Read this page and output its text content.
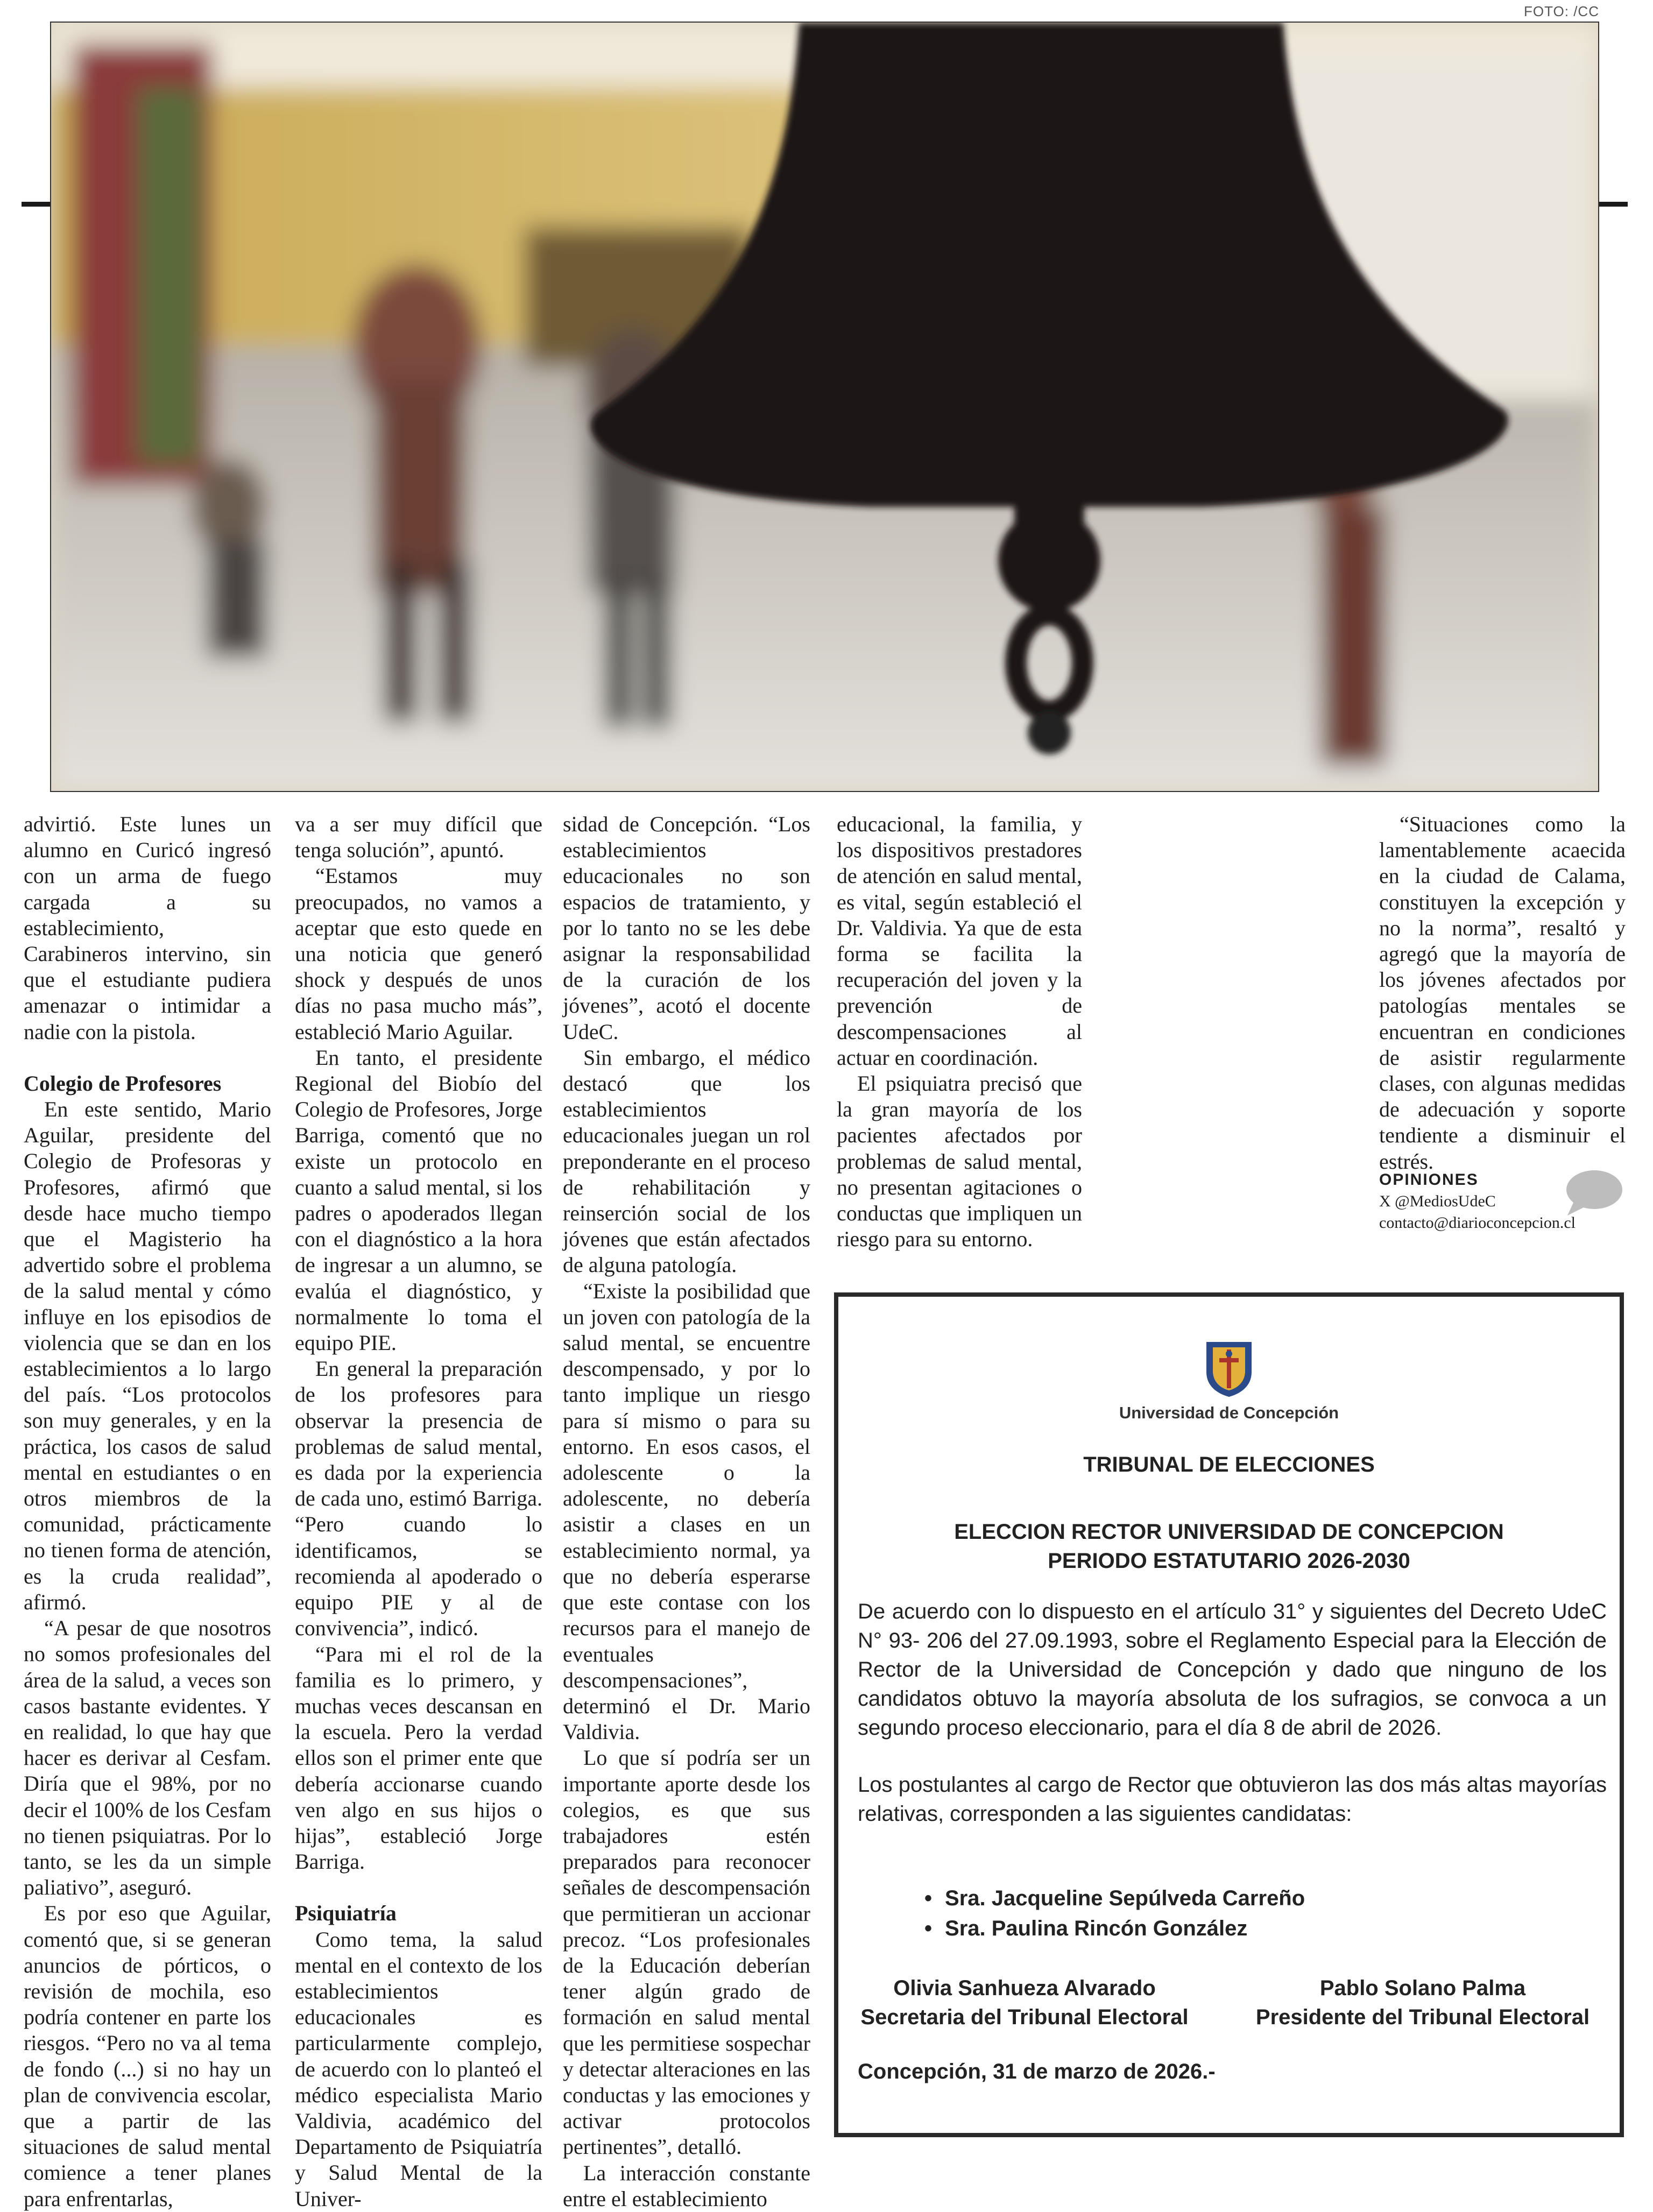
FOTO: /CC

advirtió. Este lunes un alumno en Curicó ingresó con un arma de fuego cargada a su establecimiento, Carabineros intervino, sin que el estudiante pudiera amenazar o intimidar a nadie con la pistola.

Colegio de Profesores

En este sentido, Mario Aguilar, presidente del Colegio de Profesoras y Profesores, afirmó que desde hace mucho tiempo que el Magisterio ha advertido sobre el problema de la salud mental y cómo influye en los episodios de violencia que se dan en los establecimientos a lo largo del país. “Los protocolos son muy generales, y en la práctica, los casos de salud mental en estudiantes o en otros miembros de la comunidad, prácticamente no tienen forma de atención, es la cruda realidad”, afirmó.

“A pesar de que nosotros no somos profesionales del área de la salud, a veces son casos bastante evidentes. Y en realidad, lo que hay que hacer es derivar al Cesfam. Diría que el 98%, por no decir el 100% de los Cesfam no tienen psiquiatras. Por lo tanto, se les da un simple paliativo”, aseguró.

Es por eso que Aguilar, comentó que, si se generan anuncios de pórticos, o revisión de mochila, eso podría contener en parte los riesgos. “Pero no va al tema de fondo (...) si no hay un plan de convivencia escolar, que a partir de las situaciones de salud mental comience a tener planes para enfrentarlas,

va a ser muy difícil que tenga solución”, apuntó.

“Estamos muy preocupados, no vamos a aceptar que esto quede en una noticia que generó shock y después de unos días no pasa mucho más”, estableció Mario Aguilar.

En tanto, el presidente Regional del Biobío del Colegio de Profesores, Jorge Barriga, comentó que no existe un protocolo en cuanto a salud mental, si los padres o apoderados llegan con el diagnóstico a la hora de ingresar a un alumno, se evalúa el diagnóstico, y normalmente lo toma el equipo PIE.

En general la preparación de los profesores para observar la presencia de problemas de salud mental, es dada por la experiencia de cada uno, estimó Barriga. “Pero cuando lo identificamos, se recomienda al apoderado o equipo PIE y al de convivencia”, indicó.

“Para mi el rol de la familia es lo primero, y muchas veces descansan en la escuela. Pero la verdad ellos son el primer ente que debería accionarse cuando ven algo en sus hijos o hijas”, estableció Jorge Barriga.

Psiquiatría

Como tema, la salud mental en el contexto de los establecimientos educacionales es particularmente complejo, de acuerdo con lo planteó el médico especialista Mario Valdivia, académico del Departamento de Psiquiatría y Salud Mental de la Univer-

sidad de Concepción. “Los establecimientos educacionales no son espacios de tratamiento, y por lo tanto no se les debe asignar la responsabilidad de la curación de los jóvenes”, acotó el docente UdeC.

Sin embargo, el médico destacó que los establecimientos educacionales juegan un rol preponderante en el proceso de rehabilitación y reinserción social de los jóvenes que están afectados de alguna patología.

“Existe la posibilidad que un joven con patología de la salud mental, se encuentre descompensado, y por lo tanto implique un riesgo para sí mismo o para su entorno. En esos casos, el adolescente o la adolescente, no debería asistir a clases en un establecimiento normal, ya que no debería esperarse que este contase con los recursos para el manejo de eventuales descompensaciones”, determinó el Dr. Mario Valdivia.

Lo que sí podría ser un importante aporte desde los colegios, es que sus trabajadores estén preparados para reconocer señales de descompensación que permitieran un accionar precoz. “Los profesionales de la Educación deberían tener algún grado de formación en salud mental que les permitiese sospechar y detectar alteraciones en las conductas y las emociones y activar protocolos pertinentes”, detalló.

La interacción constante entre el establecimiento

educacional, la familia, y los dispositivos prestadores de atención en salud mental, es vital, según estableció el Dr. Valdivia. Ya que de esta forma se facilita la recuperación del joven y la prevención de descompensaciones al actuar en coordinación.

El psiquiatra precisó que la gran mayoría de los pacientes afectados por problemas de salud mental, no presentan agitaciones o conductas que impliquen un riesgo para su entorno.

“Situaciones como la lamentablemente acaecida en la ciudad de Calama, constituyen la excepción y no la norma”, resaltó y agregó que la mayoría de los jóvenes afectados por patologías mentales se encuentran en condiciones de asistir regularmente clases, con algunas medidas de adecuación y soporte tendiente a disminuir el estrés.

OPINIONES
X @MediosUdeC
contacto@diarioconcepcion.cl
Universidad de Concepción
TRIBUNAL DE ELECCIONES
ELECCION RECTOR UNIVERSIDAD DE CONCEPCION
PERIODO ESTATUTARIO 2026-2030

De acuerdo con lo dispuesto en el artículo 31° y siguientes del Decreto UdeC N° 93- 206 del 27.09.1993, sobre el Reglamento Especial para la Elección de Rector de la Universidad de Concepción y dado que ninguno de los candidatos obtuvo la mayoría absoluta de los sufragios, se convoca a un segundo proceso eleccionario, para el día 8 de abril de 2026.

Los postulantes al cargo de Rector que obtuvieron las dos más altas mayorías relativas, corresponden a las siguientes candidatas:

• Sra. Jacqueline Sepúlveda Carreño
• Sra. Paulina Rincón González
Olivia Sanhueza Alvarado
Secretaria del Tribunal Electoral
Pablo Solano Palma
Presidente del Tribunal Electoral
Concepción, 31 de marzo de 2026.-
